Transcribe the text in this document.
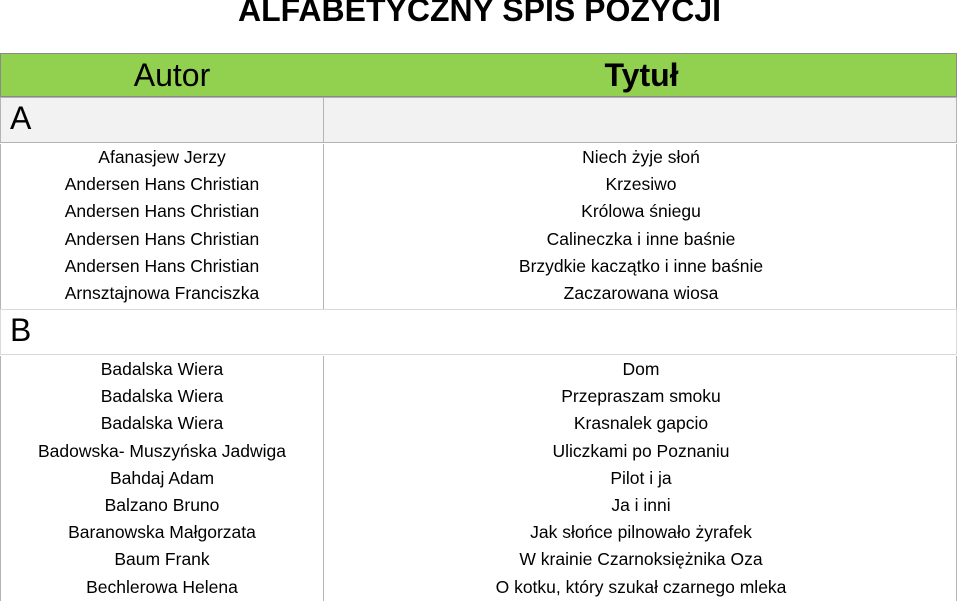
ALFABETYCZNY SPIS POZYCJI
Autor	Tytuł
A
Afanasjew Jerzy	Niech żyje słoń
Andersen Hans Christian	Krzesiwo
Andersen Hans Christian	Królowa śniegu
Andersen Hans Christian	Calineczka i inne baśnie
Andersen Hans Christian	Brzydkie kaczątko i inne baśnie
Arnsztajnowa Franciszka	Zaczarowana wiosa
B
Badalska Wiera	Dom
Badalska Wiera	Przepraszam smoku
Badalska Wiera	Krasnalek gapcio
Badowska- Muszyńska Jadwiga	Uliczkami po Poznaniu
Bahdaj Adam	Pilot i ja
Balzano Bruno	Ja i inni
Baranowska Małgorzata	Jak słońce pilnowało żyrafek
Baum Frank	W krainie Czarnoksiężnika Oza
Bechlerowa Helena	O kotku, który szukał czarnego mleka
